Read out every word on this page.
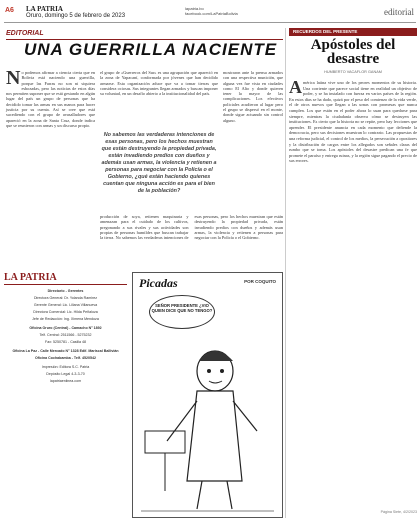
A6 LA PATRIA
Oruro, domingo 5 de febrero de 2023
lapatria.bo
facebook.com/LaPatriaBolivia	editorial
EDITORIAL
UNA GUERRILLA NACIENTE
N o podemos afirmar a ciencia cierta que en Bolivia está naciendo una guerrilla, porque las Farras no son ni siquiera esbozadas, pero las noticias de estos días nos permiten suponer que se está gestando en algún lugar del país un grupo de personas que ha decidido tomar las armas en sus manos para hacer justicia por su cuenta. Así se cree que está sucediendo con el grupo de avasalladores que apareció en la zona de Santa Cruz, donde indica que se reunieron con armas y un discurso propio.
el grupo de «Guerreros del Sur» es una agrupación que apareció en la zona de Yapacaní, conformada por jóvenes que han decidido armarse. Esta organización aduce que va a tomar tierras que considera ociosas. Sus integrantes llegan armados y buscan imponer su voluntad, en un desafío abierto a la institucionalidad del país.
mostraron ante la prensa armados con una respectiva munición, que alguna vez fue vista en ciudades como El Alto y donde quieren tener la mayor de las complicaciones. Los efectivos policiales acudieron al lugar pero el grupo se dispersó en el monte, donde sigue actuando sin control alguno.
No sabemos las verdaderas intenciones de esas personas, pero los hechos muestran que están destruyendo la propiedad privada, están invadiendo predios con dueños y además usan armas, la violencia y retienen a personas para negociar con la Policía o el Gobierno, ¿qué están haciendo quienes cuentan que ninguna acción es para el bien de la población?
producción de soya, retienen maquinaria y amenazan para el cuidado de los cultivos, pregonando a sus rivales y sus actividades son propias de personas humildes que buscan trabajar la tierra. No sabemos las verdaderas intenciones de esas personas, pero los hechos muestran que están destruyendo la propiedad privada, están invadiendo predios con dueños y además usan armas, la violencia y retienen a personas para negociar con la Policía o el Gobierno.
RECUERDOS DEL PRESENTE
Apóstoles del desastre
HUMBERTO VACAFLOR GANAM
A mérica latina vive uno de los peores momentos de su historia. Una corriente que parece social tiene en realidad un objetivo de poder, y se ha instalado con fuerza en varios países de la región. En estos días se ha dado, quizá por el peso del comienzo de la vida verde, el de otros nuevos que llegan a las urnas con promesas que nunca cumplen. Los que están en el poder ahora lo usan para quedarse para siempre, mientras la ciudadanía observa cómo se destruyen las instituciones. Es cierto que la historia no se repite, pero hay lecciones que aprender. El presidente anuncia en cada momento que defiende la democracia, pero sus decisiones muestran lo contrario. Las propuestas de una reforma judicial, el control de los medios, la persecución a opositores y la distribución de cargos entre los allegados son señales claras del rumbo que se toma. Los apóstoles del desastre predican una fe que promete el paraíso y entrega ruinas, y la región sigue pagando el precio de sus errores.
Página Siete, 4/2/2023
LA PATRIA

Directorio - Gerentes

Directora General: Dr. Yolanda Ramirez

Gerente General: Lic. Liliana Villanueva

Directora Comercial: Lic. Hilda Peñaloza

Jefe de Redacción: Ing. Ximena Mendoza

Oficina Oruro (Central) - Camacho N° 1892

Telf. Central: 2511566 - 5275232

Fax: 5250781 - Casilla 48

Oficina La Paz - Calle Mercado N° 1328 Edif. Mariscal Ballivián

Oficina Cochabamba - Telf. 4520542

Impresión: Editora S.C. Patria

Depósito Legal 4-3-3-70

lapatriaenlinea.com

Picadas	POR COQUITO
SEÑOR PRESIDENTE ¿VIO QUIEN DICE QUE NO TENGO?
